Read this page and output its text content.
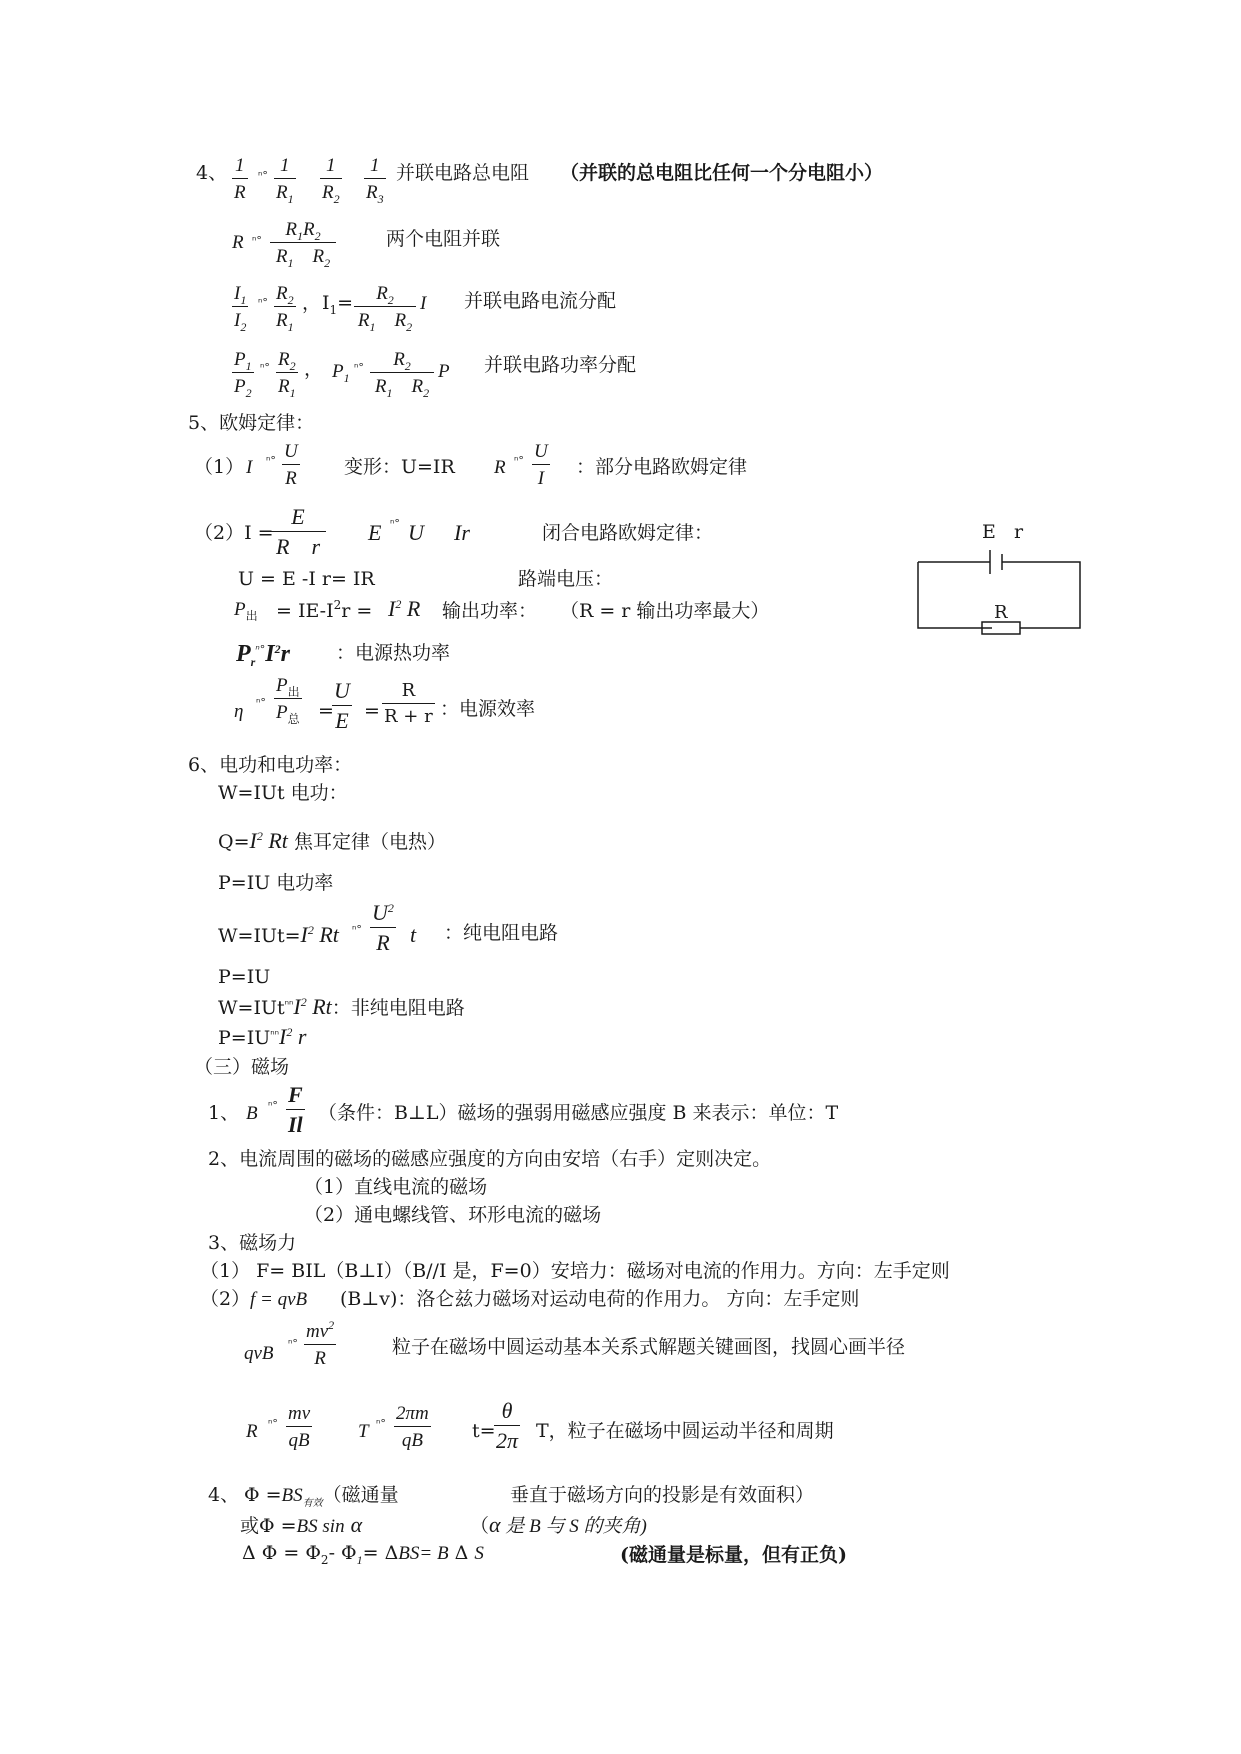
4、 1
R
ⁿ° 1
$R_1$
1
$R_2$
1
$R_3$
并联电路总电阻 （并联的总电阻比任何一个分电阻小）
R ⁿ°
$R_1R_2$
$R_1$    $R_2$
两个电阻并联
$I_1$
$I_2$
ⁿ° $R_2$
$R_1$
， $I_1=$	$R_2$
$R_1$    $R_2$
I 并联电路电流分配
$P_1$
$P_2$
ⁿ° $R_2$
$R_1$
， $P_1$
ⁿ°	$R_2$
$R_1$    $R_2$
P 并联电路功率分配
5、欧姆定律：
（1） I ⁿ° U
R
变形：U=IR R ⁿ° U
I
：部分电路欧姆定律
（2）I =
E
R    r
E ⁿ° U Ir	闭合电路欧姆定律：
U = E -I r= IR	路端电压：
$P_出 = IE-I^2r = I^2$ R 输出功率： （R = r 输出功率最大）
$P_r^{^n^\circ}I^2r$ ：电源热功率
η ⁿ°
$P_出$
$P_总$ =
U
E =
R
R + r ：电源效率
E r
R
6、电功和电功率：
W=IUt 电功：
$Q=I^2$ Rt 焦耳定律（电热）
P=IU 电功率
$W=IUt=I^2$ Rt ⁿ°
$U^2$
R t ：纯电阻电路
P=IU
$W=IUt^{^{nn}}I^2$ Rt：非纯电阻电路
$P=IU^{^{nn}}I^2$ r
（三）磁场
1、 B ⁿ° F
Il （条件：B⊥L）磁场的强弱用磁感应强度 B 来表示：单位：T
2、电流周围的磁场的磁感应强度的方向由安培（右手）定则决定。
（1）直线电流的磁场
（2）通电螺线管、环形电流的磁场
3、磁场力
（1） F= BIL（B⊥I）（B//I 是，F=0）安培力：磁场对电流的作用力。方向：左手定则
（2） f = qvB (B⊥v)：洛仑兹力磁场对运动电荷的作用力。 方向：左手定则
qvB ⁿ°
$mv^2$
R
粒子在磁场中圆运动基本关系式解题关键画图，找圆心画半径
R ⁿ° mv
qB	T ⁿ° 2πm
qB	t=
θ
2π T，粒子在磁场中圆运动半径和周期
4、 $\Phi =BS_{有效}$（磁通量	垂直于磁场方向的投影是有效面积）
或Φ =BS sin α	（α 是 B 与 S 的夹角)
Δ $\Phi = \Phi_2-$ $\Phi_1= \Delta BS= B$ Δ S	(磁通量是标量，但有正负)
